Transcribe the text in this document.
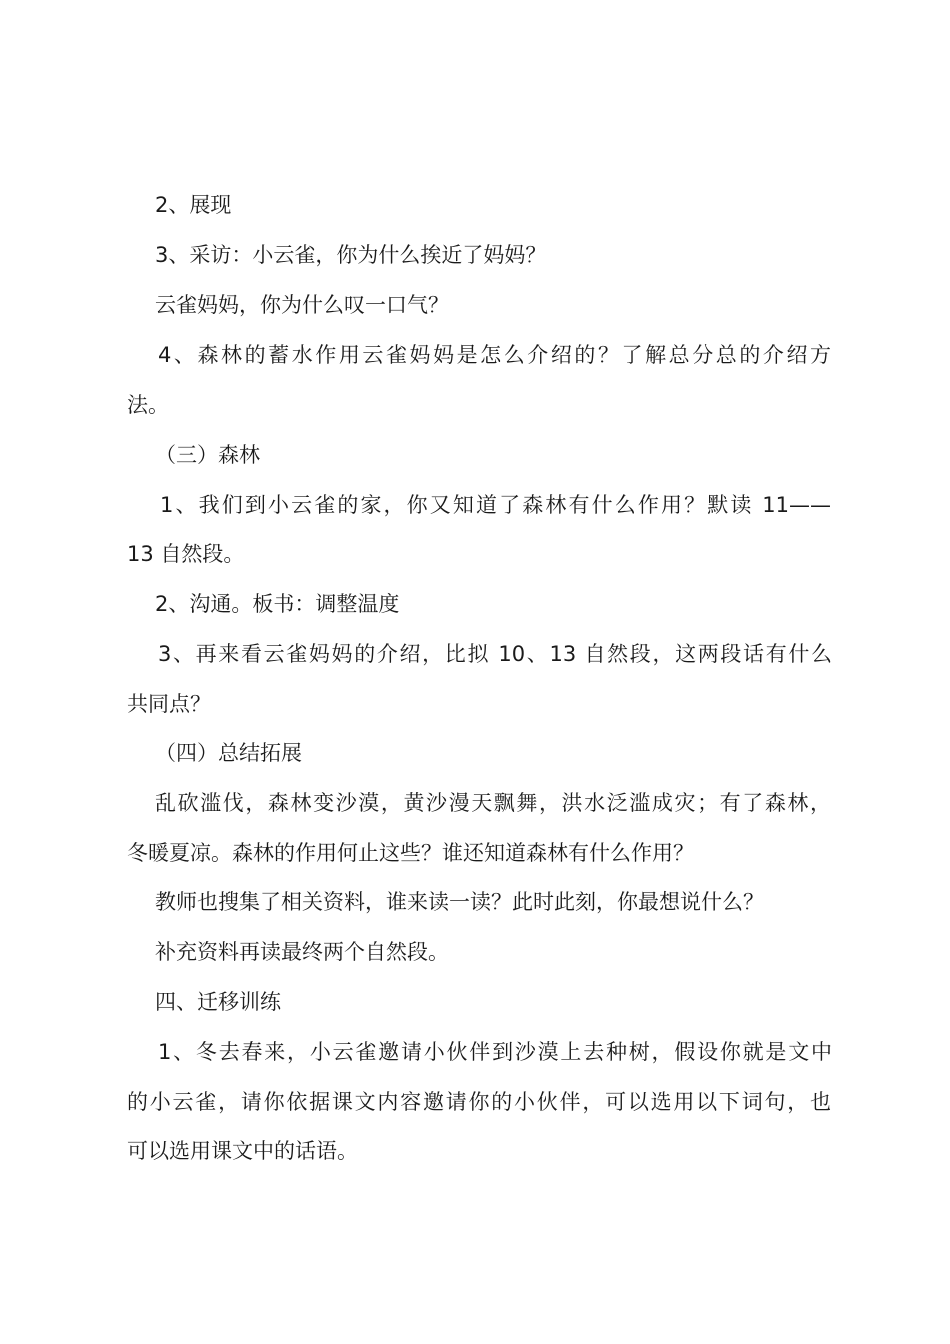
2、展现
3、采访：小云雀，你为什么挨近了妈妈？
云雀妈妈，你为什么叹一口气？
4、森林的蓄水作用云雀妈妈是怎么介绍的？了解总分总的介绍方
法。
（三）森林
1、我们到小云雀的家，你又知道了森林有什么作用？默读 11——
13 自然段。
2、沟通。板书：调整温度
3、再来看云雀妈妈的介绍，比拟 10、13 自然段，这两段话有什么
共同点？
（四）总结拓展
乱砍滥伐，森林变沙漠，黄沙漫天飘舞，洪水泛滥成灾；有了森林，
冬暖夏凉。森林的作用何止这些？谁还知道森林有什么作用？
教师也搜集了相关资料，谁来读一读？此时此刻，你最想说什么？
补充资料再读最终两个自然段。
四、迁移训练
1、冬去春来，小云雀邀请小伙伴到沙漠上去种树，假设你就是文中
的小云雀，请你依据课文内容邀请你的小伙伴，可以选用以下词句，也
可以选用课文中的话语。
